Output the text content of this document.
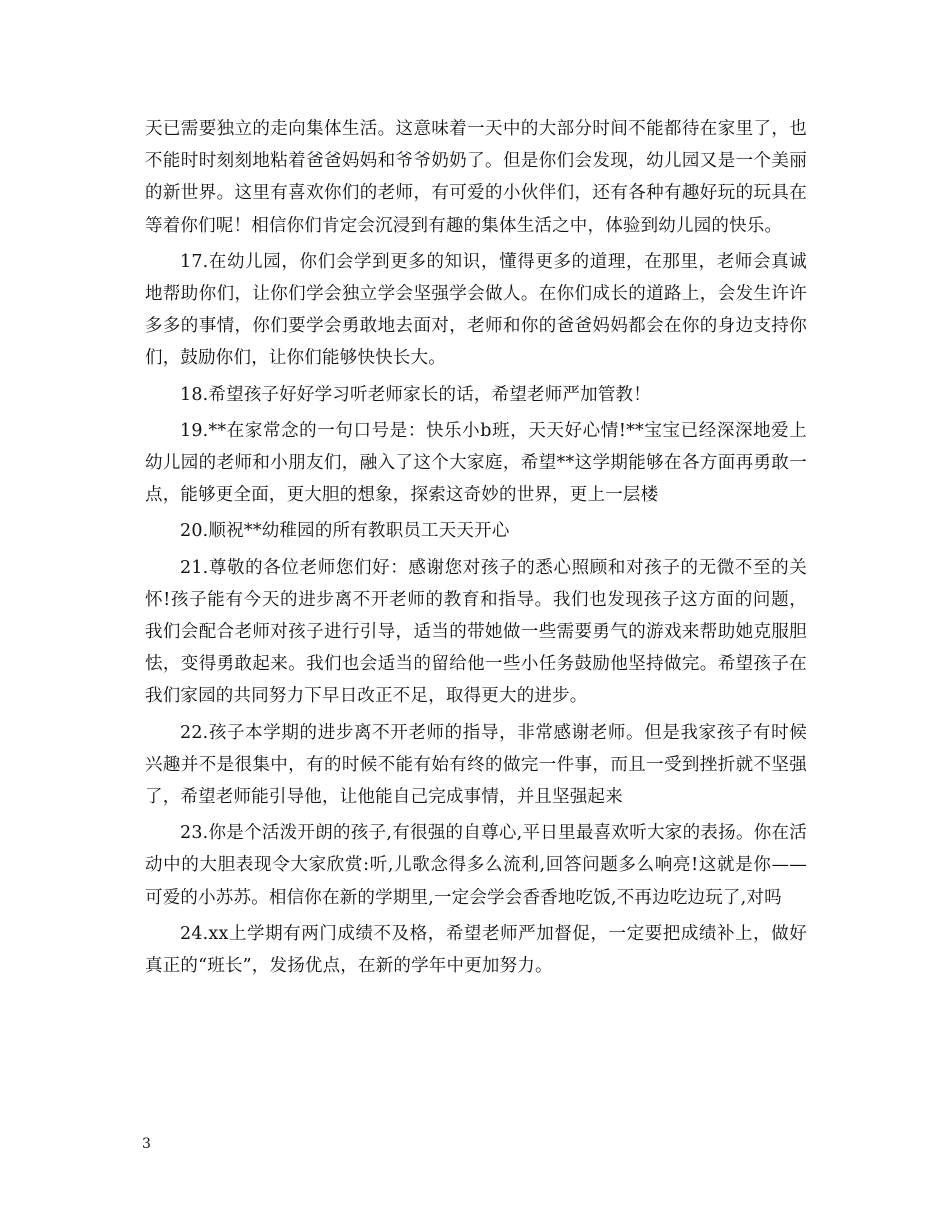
天已需要独立的走向集体生活。这意味着一天中的大部分时间不能都待在家里了，也不能时时刻刻地粘着爸爸妈妈和爷爷奶奶了。但是你们会发现，幼儿园又是一个美丽的新世界。这里有喜欢你们的老师，有可爱的小伙伴们，还有各种有趣好玩的玩具在等着你们呢！相信你们肯定会沉浸到有趣的集体生活之中，体验到幼儿园的快乐。

17.在幼儿园，你们会学到更多的知识，懂得更多的道理，在那里，老师会真诚地帮助你们，让你们学会独立学会坚强学会做人。在你们成长的道路上，会发生许许多多的事情，你们要学会勇敢地去面对，老师和你的爸爸妈妈都会在你的身边支持你们，鼓励你们，让你们能够快快长大。

18.希望孩子好好学习听老师家长的话，希望老师严加管教！

19.**在家常念的一句口号是：快乐小b班，天天好心情!**宝宝已经深深地爱上幼儿园的老师和小朋友们，融入了这个大家庭，希望**这学期能够在各方面再勇敢一点，能够更全面，更大胆的想象，探索这奇妙的世界，更上一层楼

20.顺祝**幼稚园的所有教职员工天天开心

21.尊敬的各位老师您们好：感谢您对孩子的悉心照顾和对孩子的无微不至的关怀!孩子能有今天的进步离不开老师的教育和指导。我们也发现孩子这方面的问题，我们会配合老师对孩子进行引导，适当的带她做一些需要勇气的游戏来帮助她克服胆怯，变得勇敢起来。我们也会适当的留给他一些小任务鼓励他坚持做完。希望孩子在我们家园的共同努力下早日改正不足，取得更大的进步。

22.孩子本学期的进步离不开老师的指导，非常感谢老师。但是我家孩子有时候兴趣并不是很集中，有的时候不能有始有终的做完一件事，而且一受到挫折就不坚强了，希望老师能引导他，让他能自己完成事情，并且坚强起来

23.你是个活泼开朗的孩子,有很强的自尊心,平日里最喜欢听大家的表扬。你在活动中的大胆表现令大家欣赏:听,儿歌念得多么流利,回答问题多么响亮!这就是你——可爱的小苏苏。相信你在新的学期里,一定会学会香香地吃饭,不再边吃边玩了,对吗

24.xx上学期有两门成绩不及格，希望老师严加督促，一定要把成绩补上，做好真正的“班长”，发扬优点，在新的学年中更加努力。

3
